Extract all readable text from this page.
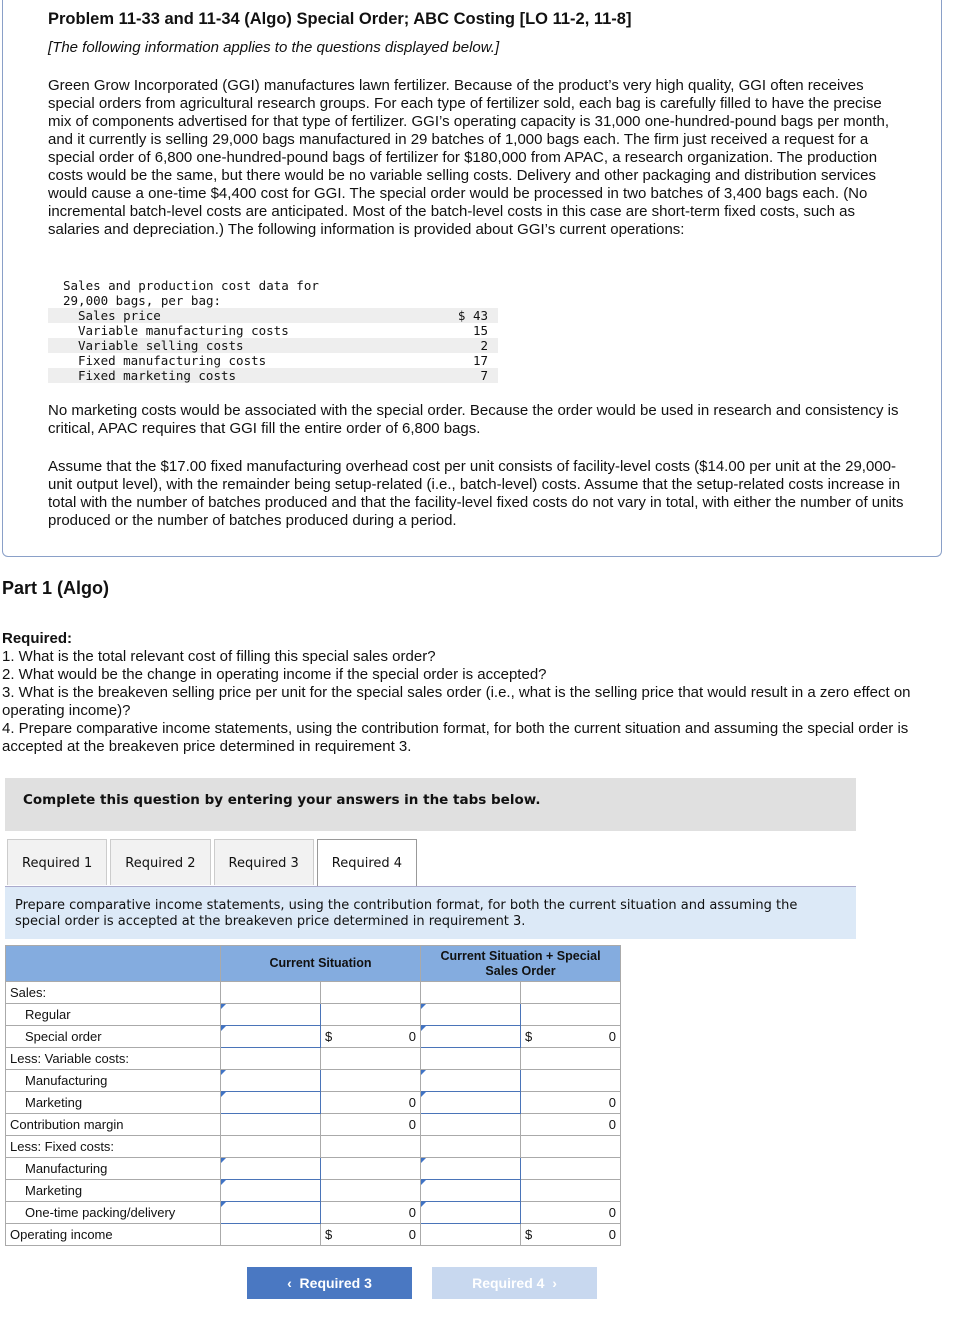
Problem 11-33 and 11-34 (Algo) Special Order; ABC Costing [LO 11-2, 11-8]
[The following information applies to the questions displayed below.]
Green Grow Incorporated (GGI) manufactures lawn fertilizer. Because of the product’s very high quality, GGI often receives special orders from agricultural research groups. For each type of fertilizer sold, each bag is carefully filled to have the precise mix of components advertised for that type of fertilizer. GGI’s operating capacity is 31,000 one-hundred-pound bags per month, and it currently is selling 29,000 bags manufactured in 29 batches of 1,000 bags each. The firm just received a request for a special order of 6,800 one-hundred-pound bags of fertilizer for $180,000 from APAC, a research organization. The production costs would be the same, but there would be no variable selling costs. Delivery and other packaging and distribution services would cause a one-time $4,400 cost for GGI. The special order would be processed in two batches of 3,400 bags each. (No incremental batch-level costs are anticipated. Most of the batch-level costs in this case are short-term fixed costs, such as salaries and depreciation.) The following information is provided about GGI’s current operations:
Sales and production cost data for
29,000 bags, per bag:
Sales price	$ 43
Variable manufacturing costs	15
Variable selling costs	2
Fixed manufacturing costs	17
Fixed marketing costs	7
No marketing costs would be associated with the special order. Because the order would be used in research and consistency is critical, APAC requires that GGI fill the entire order of 6,800 bags.
Assume that the $17.00 fixed manufacturing overhead cost per unit consists of facility-level costs ($14.00 per unit at the 29,000-unit output level), with the remainder being setup-related (i.e., batch-level) costs. Assume that the setup-related costs increase in total with the number of batches produced and that the facility-level fixed costs do not vary in total, with either the number of units produced or the number of batches produced during a period.
Part 1 (Algo)
Required:
1. What is the total relevant cost of filling this special sales order?
2. What would be the change in operating income if the special order is accepted?
3. What is the breakeven selling price per unit for the special sales order (i.e., what is the selling price that would result in a zero effect on operating income)?
4. Prepare comparative income statements, using the contribution format, for both the current situation and assuming the special order is accepted at the breakeven price determined in requirement 3.
Complete this question by entering your answers in the tabs below.
Required 1	Required 2	Required 3	Required 4
Prepare comparative income statements, using the contribution format, for both the current situation and assuming the special order is accepted at the breakeven price determined in requirement 3.
	Current Situation		Current Situation + Special Sales Order	
Sales:		

Regular		

Special order		$ 0		$ 0

Less: Variable costs:		

Manufacturing		

Marketing		0		0

Contribution margin		0		0

Less: Fixed costs:		

Manufacturing		

Marketing		

One-time packing/delivery		0		0

Operating income		$ 0		$ 0
‹  Required 3	Required 4  ›
